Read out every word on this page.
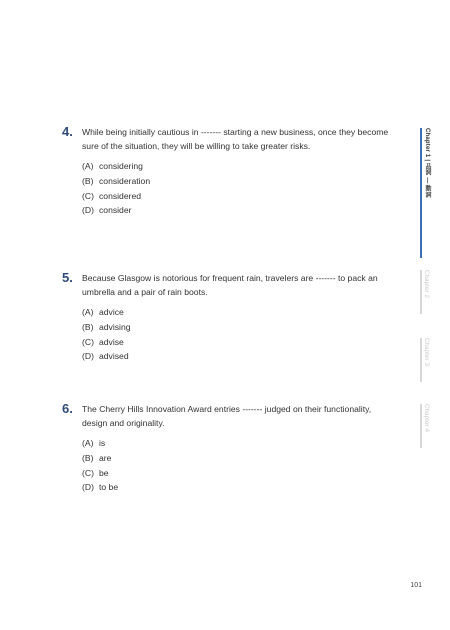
4. While being initially cautious in ------- starting a new business, once they become sure of the situation, they will be willing to take greater risks.
(A) considering
(B) consideration
(C) considered
(D) consider
5. Because Glasgow is notorious for frequent rain, travelers are ------- to pack an umbrella and a pair of rain boots.
(A) advice
(B) advising
(C) advise
(D) advised
6. The Cherry Hills Innovation Award entries ------- judged on their functionality, design and originality.
(A) is
(B) are
(C) be
(D) to be
Chapter 1 | 品詞 — 動詞
Chapter 2
Chapter 3
Chapter 4
101
